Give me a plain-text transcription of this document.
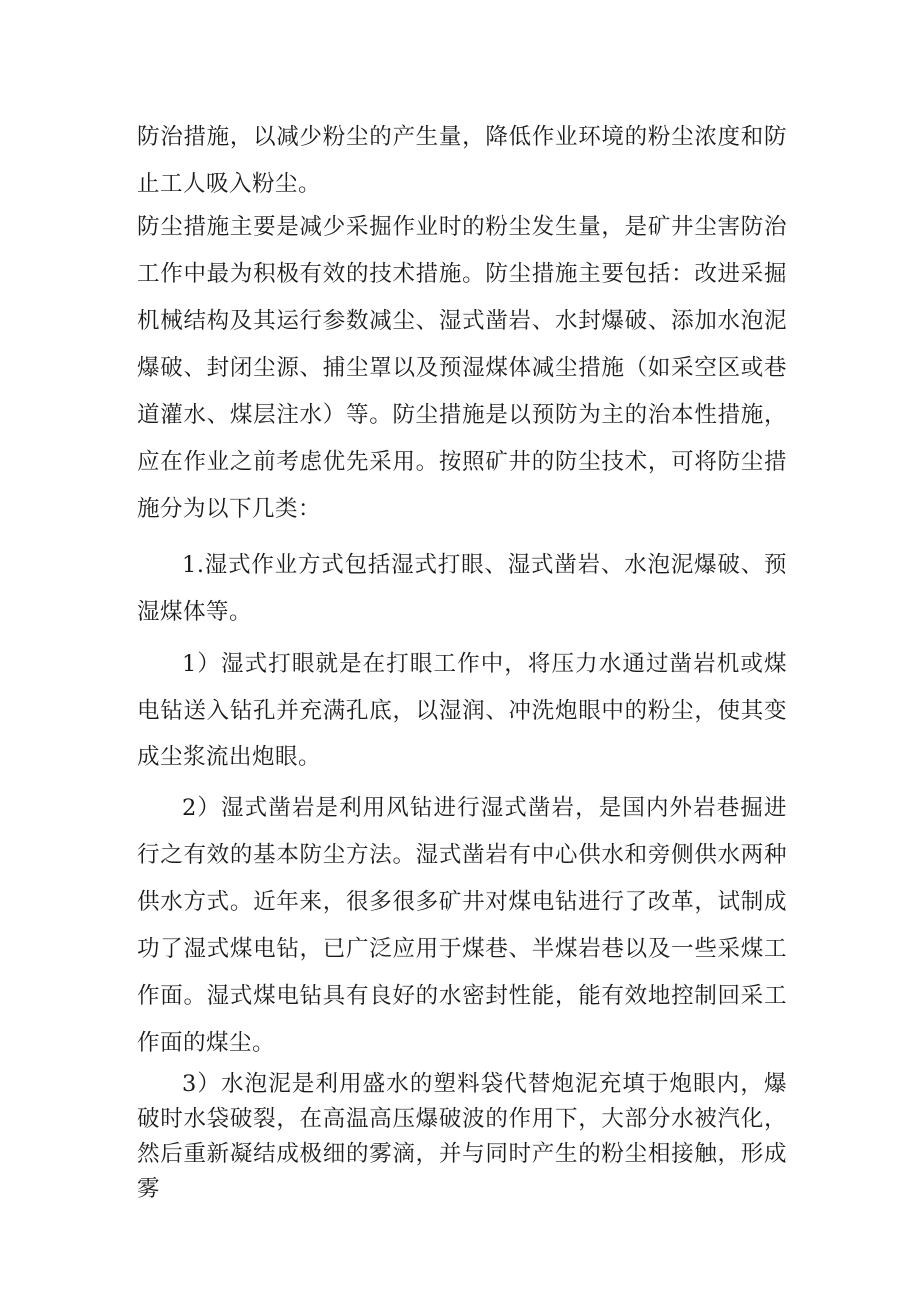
防治措施，以减少粉尘的产生量，降低作业环境的粉尘浓度和防止工人吸入粉尘。

防尘措施主要是减少采掘作业时的粉尘发生量，是矿井尘害防治工作中最为积极有效的技术措施。防尘措施主要包括：改进采掘机械结构及其运行参数减尘、湿式凿岩、水封爆破、添加水泡泥爆破、封闭尘源、捕尘罩以及预湿煤体减尘措施（如采空区或巷道灌水、煤层注水）等。防尘措施是以预防为主的治本性措施，应在作业之前考虑优先采用。按照矿井的防尘技术，可将防尘措施分为以下几类：

1.湿式作业方式包括湿式打眼、湿式凿岩、水泡泥爆破、预湿煤体等。

1）湿式打眼就是在打眼工作中，将压力水通过凿岩机或煤电钻送入钻孔并充满孔底，以湿润、冲洗炮眼中的粉尘，使其变成尘浆流出炮眼。

2）湿式凿岩是利用风钻进行湿式凿岩，是国内外岩巷掘进行之有效的基本防尘方法。湿式凿岩有中心供水和旁侧供水两种供水方式。近年来，很多很多矿井对煤电钻进行了改革，试制成功了湿式煤电钻，已广泛应用于煤巷、半煤岩巷以及一些采煤工作面。湿式煤电钻具有良好的水密封性能，能有效地控制回采工作面的煤尘。

3）水泡泥是利用盛水的塑料袋代替炮泥充填于炮眼内，爆破时水袋破裂，在高温高压爆破波的作用下，大部分水被汽化，然后重新凝结成极细的雾滴，并与同时产生的粉尘相接触，形成雾
